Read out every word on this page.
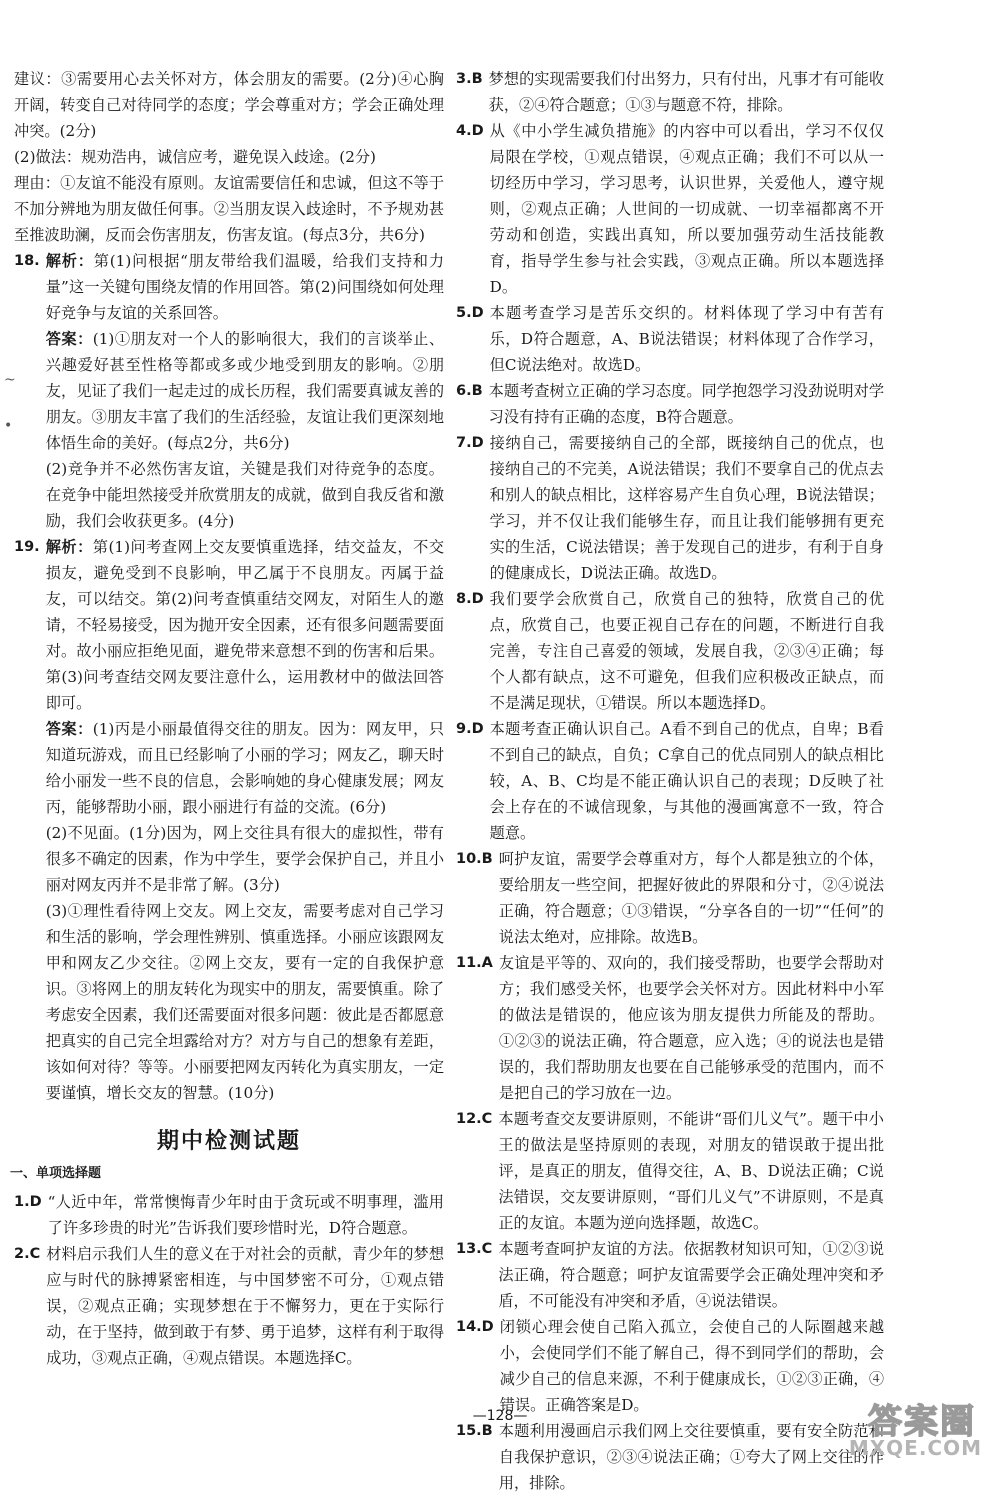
建议：③需要用心去关怀对方，体会朋友的需要。(2分)④心胸开阔，转变自己对待同学的态度；学会尊重对方；学会正确处理冲突。(2分)

(2)做法：规劝浩冉，诚信应考，避免误入歧途。(2分)

理由：①友谊不能没有原则。友谊需要信任和忠诚，但这不等于不加分辨地为朋友做任何事。②当朋友误入歧途时，不予规劝甚至推波助澜，反而会伤害朋友，伤害友谊。(每点3分，共6分)

18. 解析：第(1)问根据“朋友带给我们温暖，给我们支持和力量”这一关键句围绕友情的作用回答。第(2)问围绕如何处理好竞争与友谊的关系回答。

答案：(1)①朋友对一个人的影响很大，我们的言谈举止、兴趣爱好甚至性格等都或多或少地受到朋友的影响。②朋友，见证了我们一起走过的成长历程，我们需要真诚友善的朋友。③朋友丰富了我们的生活经验，友谊让我们更深刻地体悟生命的美好。(每点2分，共6分)

(2)竞争并不必然伤害友谊，关键是我们对待竞争的态度。在竞争中能坦然接受并欣赏朋友的成就，做到自我反省和激励，我们会收获更多。(4分)

19. 解析：第(1)问考查网上交友要慎重选择，结交益友，不交损友，避免受到不良影响，甲乙属于不良朋友。丙属于益友，可以结交。第(2)问考查慎重结交网友，对陌生人的邀请，不轻易接受，因为抛开安全因素，还有很多问题需要面对。故小丽应拒绝见面，避免带来意想不到的伤害和后果。第(3)问考查结交网友要注意什么，运用教材中的做法回答即可。

答案：(1)丙是小丽最值得交往的朋友。因为：网友甲，只知道玩游戏，而且已经影响了小丽的学习；网友乙，聊天时给小丽发一些不良的信息，会影响她的身心健康发展；网友丙，能够帮助小丽，跟小丽进行有益的交流。(6分)

(2)不见面。(1分)因为，网上交往具有很大的虚拟性，带有很多不确定的因素，作为中学生，要学会保护自己，并且小丽对网友丙并不是非常了解。(3分)

(3)①理性看待网上交友。网上交友，需要考虑对自己学习和生活的影响，学会理性辨别、慎重选择。小丽应该跟网友甲和网友乙少交往。②网上交友，要有一定的自我保护意识。③将网上的朋友转化为现实中的朋友，需要慎重。除了考虑安全因素，我们还需要面对很多问题：彼此是否都愿意把真实的自己完全坦露给对方？对方与自己的想象有差距，该如何对待？等等。小丽要把网友丙转化为真实朋友，一定要谨慎，增长交友的智慧。(10分)

期中检测试题
一、单项选择题
1.D “人近中年，常常懊悔青少年时由于贪玩或不明事理，滥用了许多珍贵的时光”告诉我们要珍惜时光，D符合题意。

2.C 材料启示我们人生的意义在于对社会的贡献，青少年的梦想应与时代的脉搏紧密相连，与中国梦密不可分，①观点错误，②观点正确；实现梦想在于不懈努力，更在于实际行动，在于坚持，做到敢于有梦、勇于追梦，这样有利于取得成功，③观点正确，④观点错误。本题选择C。

3.B 梦想的实现需要我们付出努力，只有付出，凡事才有可能收获，②④符合题意；①③与题意不符，排除。

4.D 从《中小学生减负措施》的内容中可以看出，学习不仅仅局限在学校，①观点错误，④观点正确；我们不可以从一切经历中学习，学习思考，认识世界，关爱他人，遵守规则，②观点正确；人世间的一切成就、一切幸福都离不开劳动和创造，实践出真知，所以要加强劳动生活技能教育，指导学生参与社会实践，③观点正确。所以本题选择D。

5.D 本题考查学习是苦乐交织的。材料体现了学习中有苦有乐，D符合题意，A、B说法错误；材料体现了合作学习，但C说法绝对。故选D。

6.B 本题考查树立正确的学习态度。同学抱怨学习没劲说明对学习没有持有正确的态度，B符合题意。

7.D 接纳自己，需要接纳自己的全部，既接纳自己的优点，也接纳自己的不完美，A说法错误；我们不要拿自己的优点去和别人的缺点相比，这样容易产生自负心理，B说法错误；学习，并不仅让我们能够生存，而且让我们能够拥有更充实的生活，C说法错误；善于发现自己的进步，有利于自身的健康成长，D说法正确。故选D。

8.D 我们要学会欣赏自己，欣赏自己的独特，欣赏自己的优点，欣赏自己，也要正视自己存在的问题，不断进行自我完善，专注自己喜爱的领域，发展自我，②③④正确；每个人都有缺点，这不可避免，但我们应积极改正缺点，而不是满足现状，①错误。所以本题选择D。

9.D 本题考查正确认识自己。A看不到自己的优点，自卑；B看不到自己的缺点，自负；C拿自己的优点同别人的缺点相比较，A、B、C均是不能正确认识自己的表现；D反映了社会上存在的不诚信现象，与其他的漫画寓意不一致，符合题意。

10.B 呵护友谊，需要学会尊重对方，每个人都是独立的个体，要给朋友一些空间，把握好彼此的界限和分寸，②④说法正确，符合题意；①③错误，“分享各自的一切”“任何”的说法太绝对，应排除。故选B。

11.A 友谊是平等的、双向的，我们接受帮助，也要学会帮助对方；我们感受关怀，也要学会关怀对方。因此材料中小军的做法是错误的，他应该为朋友提供力所能及的帮助。①②③的说法正确，符合题意，应入选；④的说法也是错误的，我们帮助朋友也要在自己能够承受的范围内，而不是把自己的学习放在一边。

12.C 本题考查交友要讲原则，不能讲“哥们儿义气”。题干中小王的做法是坚持原则的表现，对朋友的错误敢于提出批评，是真正的朋友，值得交往，A、B、D说法正确；C说法错误，交友要讲原则，“哥们儿义气”不讲原则，不是真正的友谊。本题为逆向选择题，故选C。

13.C 本题考查呵护友谊的方法。依据教材知识可知，①②③说法正确，符合题意；呵护友谊需要学会正确处理冲突和矛盾，不可能没有冲突和矛盾，④说法错误。

14.D 闭锁心理会使自己陷入孤立，会使自己的人际圈越来越小，会使同学们不能了解自己，得不到同学们的帮助，会减少自己的信息来源，不利于健康成长，①②③正确，④错误。正确答案是D。

15.B 本题利用漫画启示我们网上交往要慎重，要有安全防范和自我保护意识，②③④说法正确；①夸大了网上交往的作用，排除。

~
•
—128—	答案圈
MXQE.COM
